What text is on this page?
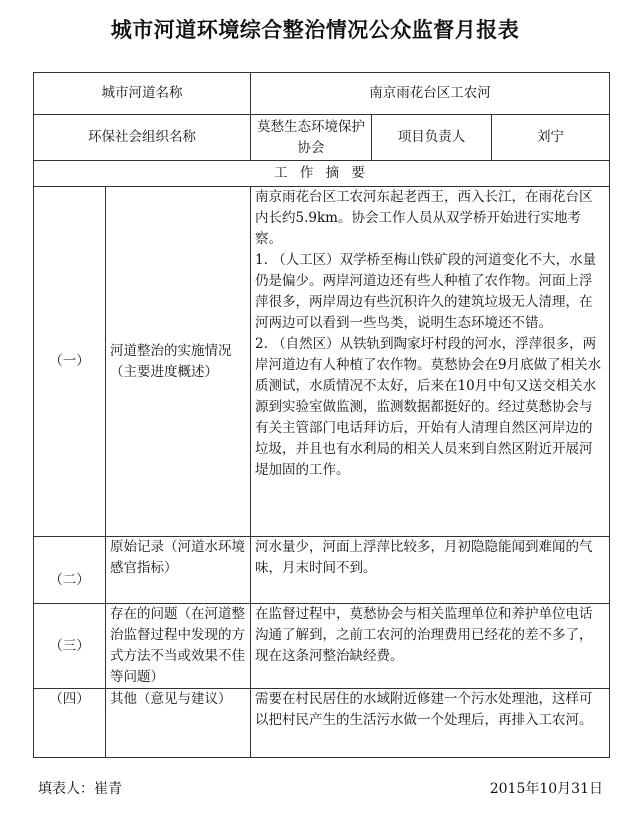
城市河道环境综合整治情况公众监督月报表
城市河道名称		南京雨花台区工农河		
环保社会组织名称		莫愁生态环境保护协会	项目负责人	刘宁
工 作 摘 要				
（一）	河道整治的实施情况（主要进度概述）	南京雨花台区工农河东起老西王，西入长江，在雨花台区内长约5.9km。协会工作人员从双学桥开始进行实地考察。

1. （人工区）双学桥至梅山铁矿段的河道变化不大，水量仍是偏少。两岸河道边还有些人种植了农作物。河面上浮萍很多，两岸周边有些沉积许久的建筑垃圾无人清理，在河两边可以看到一些鸟类，说明生态环境还不错。

2. （自然区）从铁轨到陶家圩村段的河水，浮萍很多，两岸河道边有人种植了农作物。莫愁协会在9月底做了相关水质测试，水质情况不太好，后来在10月中旬又送交相关水源到实验室做监测，监测数据都挺好的。经过莫愁协会与有关主管部门电话拜访后，开始有人清理自然区河岸边的垃圾，并且也有水利局的相关人员来到自然区附近开展河堤加固的工作。		

（二）	原始记录（河道水环境感官指标）	河水量少，河面上浮萍比较多，月初隐隐能闻到难闻的气味，月末时间不到。		

（三）	存在的问题（在河道整治监督过程中发现的方式方法不当或效果不佳等问题）	在监督过程中，莫愁协会与相关监理单位和养护单位电话沟通了解到，之前工农河的治理费用已经花的差不多了，现在这条河整治缺经费。		

（四）	其他（意见与建议）	需要在村民居住的水域附近修建一个污水处理池，这样可以把村民产生的生活污水做一个处理后，再排入工农河。		

填表人：崔青	2015年10月31日
